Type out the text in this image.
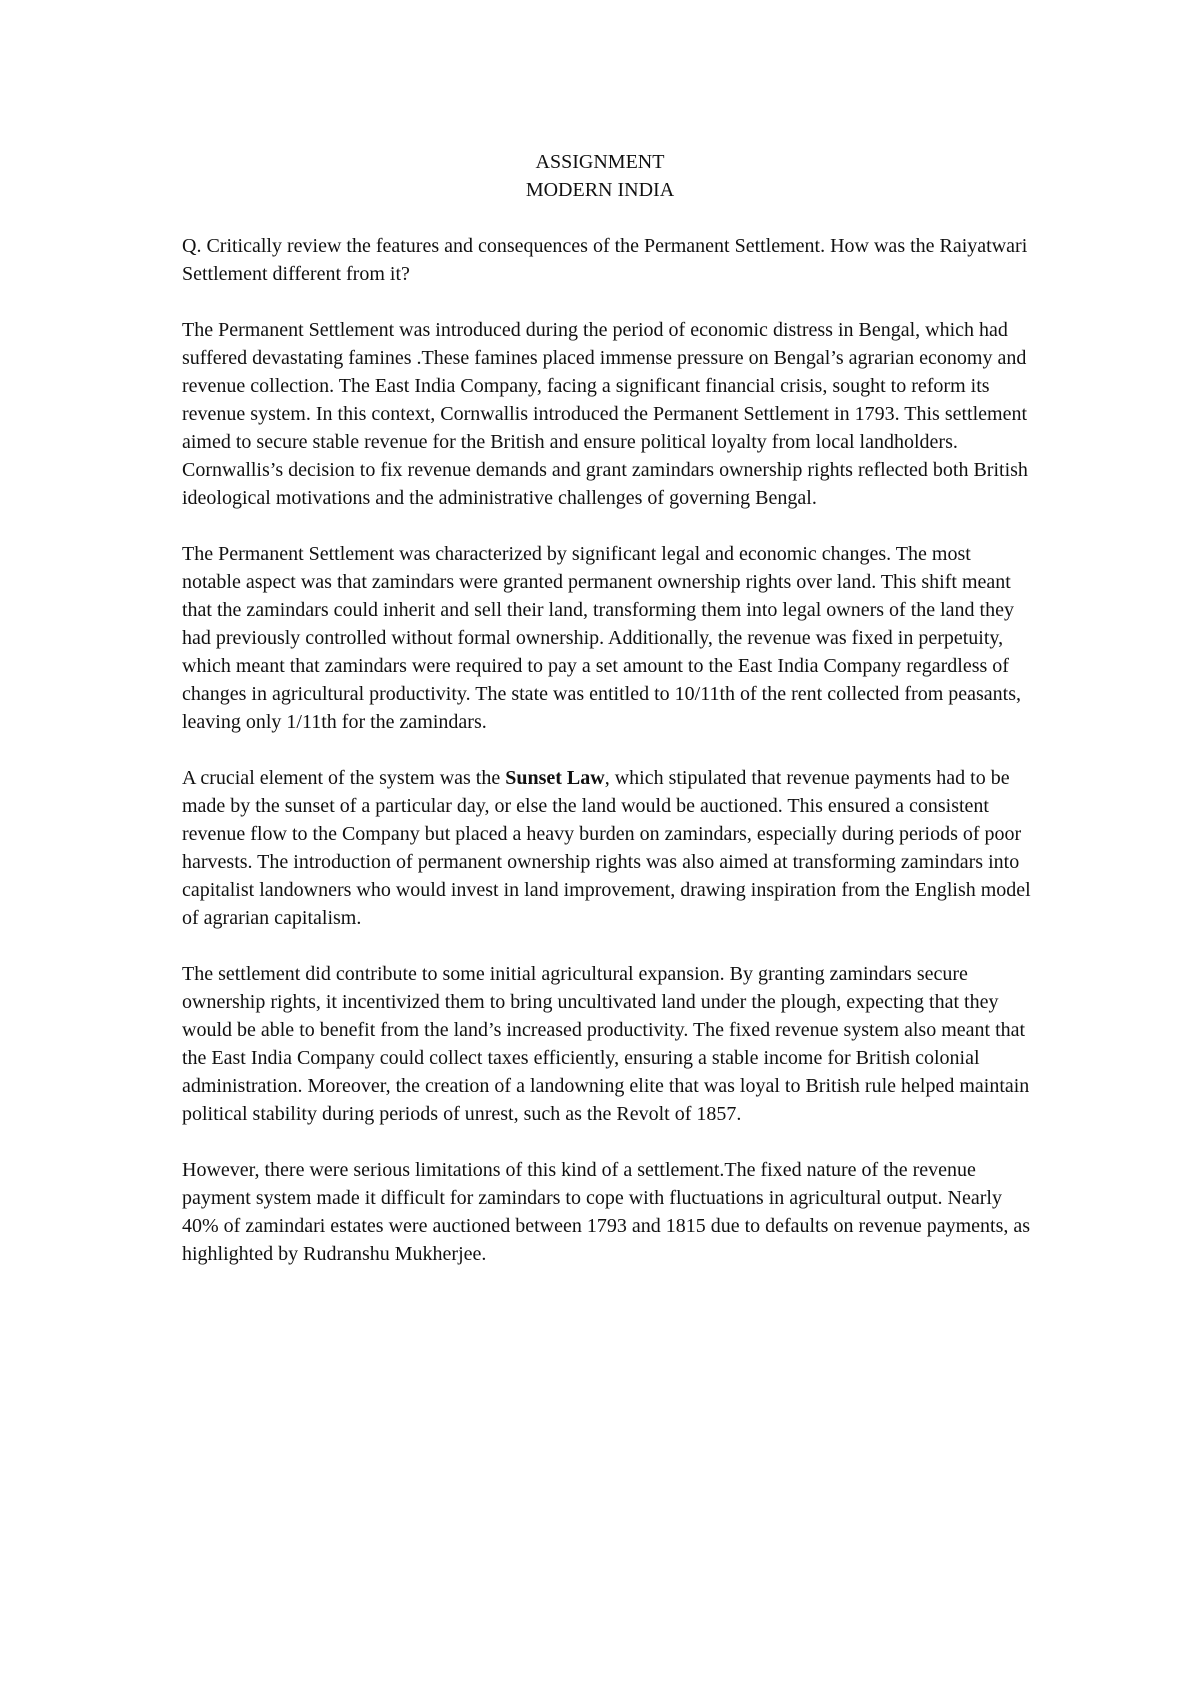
ASSIGNMENT
MODERN INDIA

Q. Critically review the features and consequences of the Permanent Settlement. How was the Raiyatwari Settlement different from it?

The Permanent Settlement was introduced during the period of economic distress in Bengal, which had suffered devastating famines .These famines placed immense pressure on Bengal’s agrarian economy and revenue collection. The East India Company, facing a significant financial crisis, sought to reform its revenue system. In this context, Cornwallis introduced the Permanent Settlement in 1793. This settlement aimed to secure stable revenue for the British and ensure political loyalty from local landholders. Cornwallis’s decision to fix revenue demands and grant zamindars ownership rights reflected both British ideological motivations and the administrative challenges of governing Bengal.

The Permanent Settlement was characterized by significant legal and economic changes. The most notable aspect was that zamindars were granted permanent ownership rights over land. This shift meant that the zamindars could inherit and sell their land, transforming them into legal owners of the land they had previously controlled without formal ownership. Additionally, the revenue was fixed in perpetuity, which meant that zamindars were required to pay a set amount to the East India Company regardless of changes in agricultural productivity. The state was entitled to 10/11th of the rent collected from peasants, leaving only 1/11th for the zamindars.

A crucial element of the system was the Sunset Law, which stipulated that revenue payments had to be made by the sunset of a particular day, or else the land would be auctioned. This ensured a consistent revenue flow to the Company but placed a heavy burden on zamindars, especially during periods of poor harvests. The introduction of permanent ownership rights was also aimed at transforming zamindars into capitalist landowners who would invest in land improvement, drawing inspiration from the English model of agrarian capitalism.

The settlement did contribute to some initial agricultural expansion. By granting zamindars secure ownership rights, it incentivized them to bring uncultivated land under the plough, expecting that they would be able to benefit from the land’s increased productivity. The fixed revenue system also meant that the East India Company could collect taxes efficiently, ensuring a stable income for British colonial administration. Moreover, the creation of a landowning elite that was loyal to British rule helped maintain political stability during periods of unrest, such as the Revolt of 1857.

However, there were serious limitations of this kind of a settlement.The fixed nature of the revenue payment system made it difficult for zamindars to cope with fluctuations in agricultural output. Nearly 40% of zamindari estates were auctioned between 1793 and 1815 due to defaults on revenue payments, as highlighted by Rudranshu Mukherjee.
